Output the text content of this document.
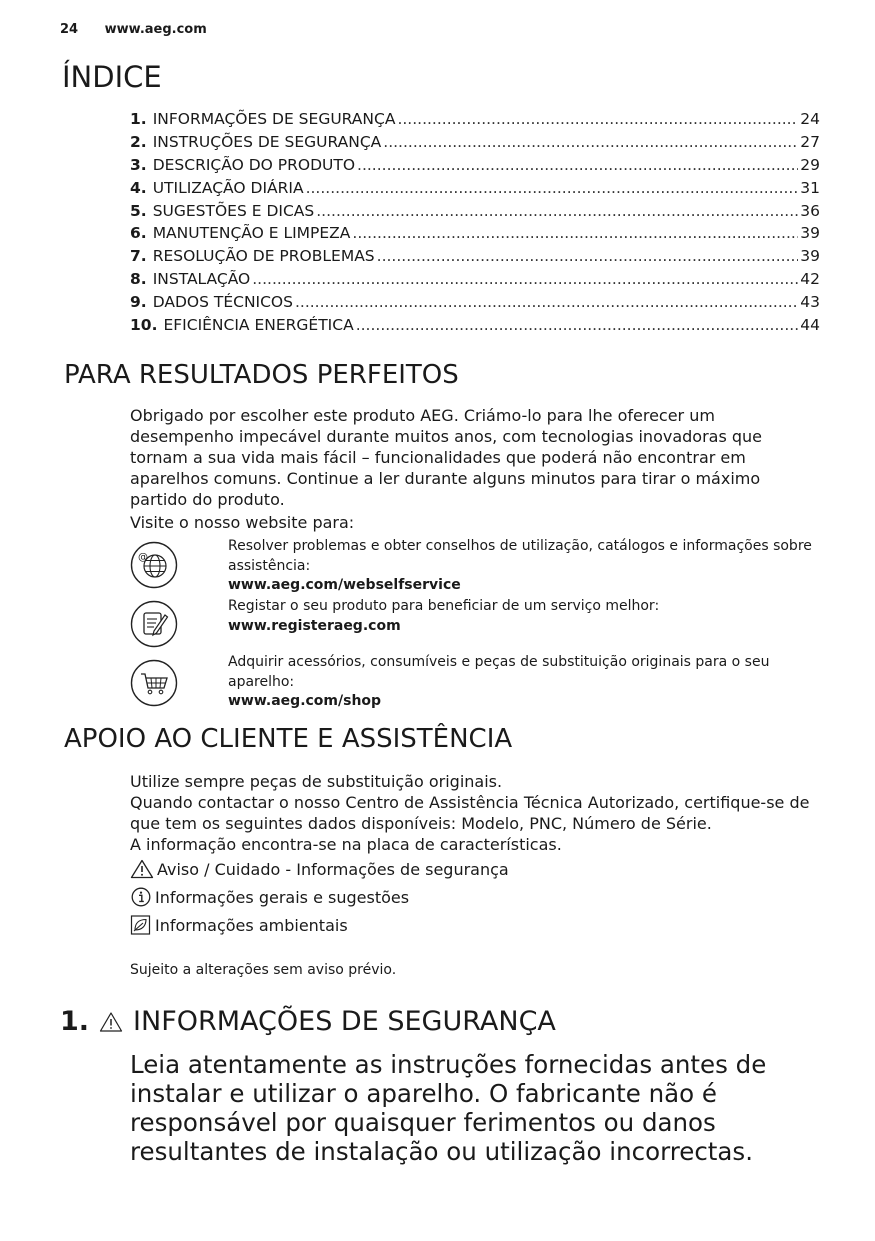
24 www.aeg.com
ÍNDICE
1. INFORMAÇÕES DE SEGURANÇA .....	24
2. INSTRUÇÕES DE SEGURANÇA .....	27
3. DESCRIÇÃO DO PRODUTO .....	29
4. UTILIZAÇÃO DIÁRIA .....	31
5. SUGESTÕES E DICAS .....	36
6. MANUTENÇÃO E LIMPEZA .....	39
7. RESOLUÇÃO DE PROBLEMAS .....	39
8. INSTALAÇÃO .....	42
9. DADOS TÉCNICOS .....	43
10. EFICIÊNCIA ENERGÉTICA .....	44
PARA RESULTADOS PERFEITOS
Obrigado por escolher este produto AEG. Criámo-lo para lhe oferecer um desempenho impecável durante muitos anos, com tecnologias inovadoras que tornam a sua vida mais fácil – funcionalidades que poderá não encontrar em aparelhos comuns. Continue a ler durante alguns minutos para tirar o máximo partido do produto.
Visite o nosso website para:
@
Resolver problemas e obter conselhos de utilização, catálogos e informações sobre assistência:
www.aeg.com/webselfservice
Registar o seu produto para beneficiar de um serviço melhor:
www.registeraeg.com
Adquirir acessórios, consumíveis e peças de substituição originais para o seu aparelho:
www.aeg.com/shop
APOIO AO CLIENTE E ASSISTÊNCIA
Utilize sempre peças de substituição originais.
Quando contactar o nosso Centro de Assistência Técnica Autorizado, certifique-se de que tem os seguintes dados disponíveis: Modelo, PNC, Número de Série.
A informação encontra-se na placa de características.
Aviso / Cuidado - Informações de segurança
Informações gerais e sugestões
Informações ambientais
Sujeito a alterações sem aviso prévio.
1. INFORMAÇÕES DE SEGURANÇA
Leia atentamente as instruções fornecidas antes de instalar e utilizar o aparelho. O fabricante não é responsável por quaisquer ferimentos ou danos resultantes de instalação ou utilização incorrectas.
